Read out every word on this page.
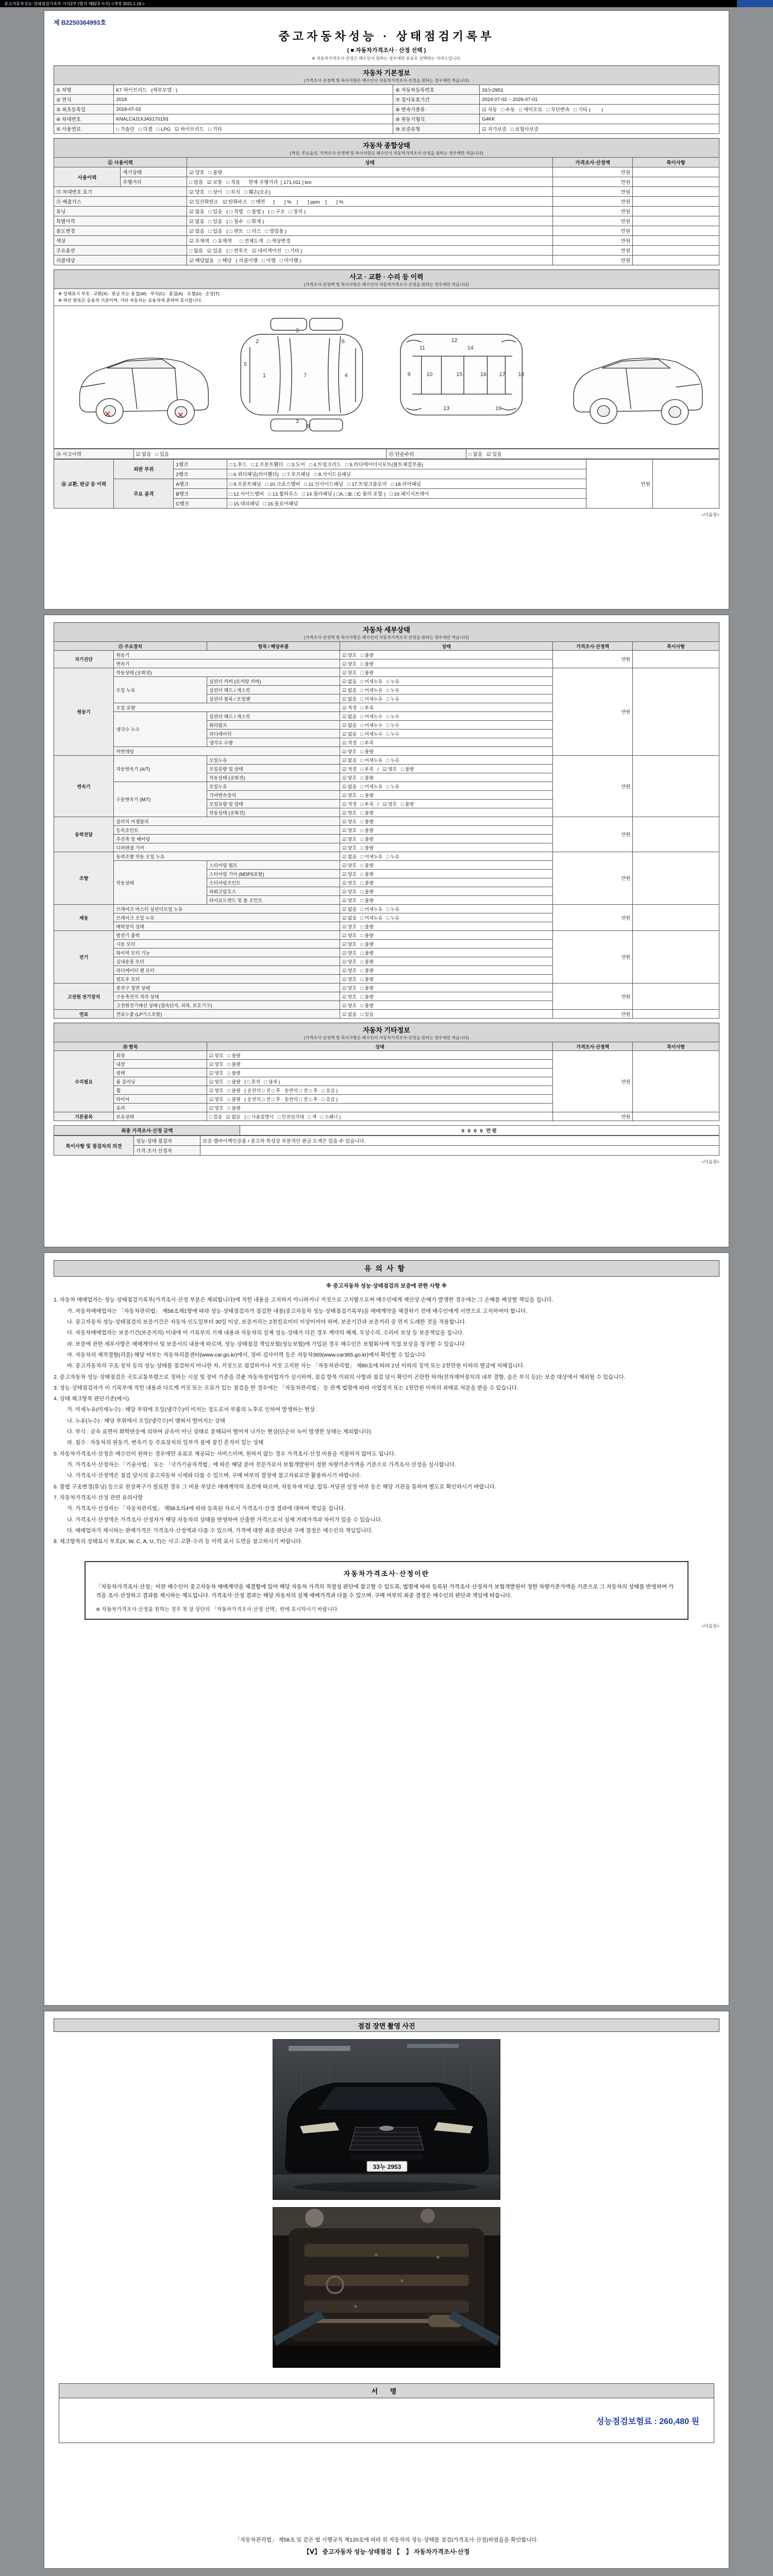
중고자동차성능·상태점검기록부 서식2부 (별지 제82호서식) <개정 2021.1.19.>
제 B2250364993호
중고자동차성능 · 상태점검기록부
( ■ 자동차가격조사 · 산정 선택 )
※ 자동차가격조사·산정은 매수인이 원하는 경우에만 유료로 선택하는 서비스입니다.
자동차 기본정보
(가격조사·산정액 및 특이사항은 매수인이 자동차가격조사·산정을 원하는 경우에만 적습니다)
① 차명	K7 하이브리드   (세부모델 : )	⑥ 자동차등록번호	33누2953
② 연식	2018	⑦ 검사유효기간	2024-07-02 ~ 2026-07-01
③ 최초등록일	2018-07-02	⑧ 변속기종류	☑ 자동   □ 수동   □ 세미오토   □ 무단변속   □ 기타 (        )
④ 차대번호	KNALC4J1XJA5170193	⑨ 원동기형식	G4KK
⑤ 사용연료	□ 가솔린   □ 디젤   □ LPG   ☑ 하이브리드   □ 기타	⑩ 보증유형	☑ 자가보증   □ 보험사보증
자동차 종합상태
(색상, 주요옵션, 가격조사·산정액 및 특이사항은 매수인이 자동차가격조사·산정을 원하는 경우에만 적습니다)
⑪ 사용이력		상태	가격조사·산정액	특이사항
사용이력	계기상태	☑ 양호   □ 불량	만원	
	주행거리	□ 많음   ☑ 보통   □ 적음      현재 주행거리  [ 171,011 ] km	만원	
⑫ 차대번호 표기		☑ 양호   □ 상이   □ 부식   □ 훼손(오손)	만원	
⑬ 배출가스		☑ 일산화탄소   ☑ 탄화수소   □ 매연      [       ] %    [       ] ppm    [       ] %	만원	
튜닝		☑ 없음   □ 있음   ( □ 적법   □ 불법 )   ( □ 구조   □ 장치 )	만원	
특별이력		☑ 없음   □ 있음   ( □ 침수   □ 화재 )	만원	
용도변경		☑ 없음   □ 있음   ( □ 렌트   □ 리스   □ 영업용 )	만원	
색상		☑ 무채색   □ 유채색      □ 전체도색   □ 색상변경	만원	
주요옵션		□ 없음   ☑ 있음   ( □ 썬루프   ☑ 네비게이션   □ 기타 )	만원	
리콜대상		☑ 해당없음   □ 해당   ( 리콜이행 : □ 이행   □ 미이행 )	만원	
사고 · 교환 · 수리 등 이력
(가격조사·산정액 및 특이사항은 매수인이 자동차가격조사·산정을 원하는 경우에만 적습니다)
※ 상태표시 부호 : 교환(X) · 판금 또는 용접(W) · 부식(C) · 흠집(A) · 요철(U) · 손상(T)
※ 하단 항목은 승용차 기준이며, 기타 자동차는 승용차에 준하여 표시합니다.
1
2
3
3
4
5
6
7
8
9	10
11
12
13
14
15	16 17 18
19
✕	✕
⑭ 사고이력	☑ 없음   □ 있음	⑮ 단순수리	□ 없음   ☑ 있음
⑯ 교환, 판금 등 이력	외판 부위	1랭크	□ 1.후드   □ 2.프론트휀더   □ 3.도어   □ 4.트렁크리드   □ 5.라디에이터서포트(볼트체결부품)	만원	
		2랭크	□ 6.쿼터패널(리어휀더)   □ 7.루프패널   □ 8.사이드실패널		
	주요 골격	A랭크	□ 9.프론트패널   □ 10.크로스멤버   □ 11.인사이드패널   □ 17.트렁크플로어   □ 18.리어패널		
		B랭크	□ 12.사이드멤버   □ 13.휠하우스   □ 14.필러패널 ( □A, □B, □C 필러 포함 )   □ 19.패키지트레이		
		C랭크	□ 15.대쉬패널   □ 16.플로어패널		
<다음장>
자동차 세부상태
(가격조사·산정액 및 특이사항은 매수인이 자동차가격조사·산정을 원하는 경우에만 적습니다)
⑰ 주요장치		항목 / 해당부품	상태	가격조사·산정액	특이사항
자기진단	원동기		☑ 양호   □ 불량	만원	
	변속기		☑ 양호   □ 불량		
원동기	작동상태 (공회전)		☑ 양호   □ 불량	만원	
	오일 누유	실린더 커버 (로커암 커버)	☑ 없음   □ 미세누유   □ 누유		
		실린더 헤드 / 개스킷	☑ 없음   □ 미세누유   □ 누유		
		실린더 블록 / 오일팬	☑ 없음   □ 미세누유   □ 누유		
	오일 유량		☑ 적정   □ 부족		
	냉각수 누수	실린더 헤드 / 개스킷	☑ 없음   □ 미세누수   □ 누수		
		워터펌프	☑ 없음   □ 미세누수   □ 누수		
		라디에이터	☑ 없음   □ 미세누수   □ 누수		
		냉각수 수량	☑ 적정   □ 부족		
	커먼레일		☑ 양호   □ 불량		
변속기	자동변속기 (A/T)	오일누유	☑ 없음   □ 미세누유   □ 누유	만원	
		오일유량 및 상태	☑ 적정   □ 부족   /   ☑ 양호   □ 불량		
		작동상태 (공회전)	☑ 양호   □ 불량		
	수동변속기 (M/T)	오일누유	☑ 없음   □ 미세누유   □ 누유		
		기어변속장치	☑ 양호   □ 불량		
		오일유량 및 상태	☑ 적정   □ 부족   /   ☑ 양호   □ 불량		
		작동상태 (공회전)	☑ 양호   □ 불량		
동력전달	클러치 어셈블리		☑ 양호   □ 불량	만원	
	등속조인트		☑ 양호   □ 불량		
	추진축 및 베어링		☑ 양호   □ 불량		
	디퍼렌셜 기어		☑ 양호   □ 불량		
조향	동력조향 작동 오일 누유		☑ 없음   □ 미세누유   □ 누유	만원	
	작동상태	스티어링 펌프	☑ 양호   □ 불량		
		스티어링 기어 (MDPS포함)	☑ 양호   □ 불량		
		스티어링조인트	☑ 양호   □ 불량		
		파워고압호스	☑ 양호   □ 불량		
		타이로드엔드 및 볼 조인트	☑ 양호   □ 불량		
제동	브레이크 마스터 실린더오일 누유		☑ 없음   □ 미세누유   □ 누유	만원	
	브레이크 오일 누유		☑ 없음   □ 미세누유   □ 누유		
	배력장치 상태		☑ 양호   □ 불량		
전기	발전기 출력		☑ 양호   □ 불량	만원	
	시동 모터		☑ 양호   □ 불량		
	와이퍼 모터 기능		☑ 양호   □ 불량		
	실내송풍 모터		☑ 양호   □ 불량		
	라디에이터 팬 모터		☑ 양호   □ 불량		
	윈도우 모터		☑ 양호   □ 불량		
고전원 전기장치	충전구 절연 상태		☑ 양호   □ 불량	만원	
	구동축전지 격리 상태		☑ 양호   □ 불량		
	고전원전기배선 상태 (접속단자, 피복, 보호기구)		☑ 양호   □ 불량		
연료	연료누출 (LP가스포함)		☑ 없음   □ 있음	만원	
자동차 기타정보
(가격조사·산정액 및 특이사항은 매수인이 자동차가격조사·산정을 원하는 경우에만 적습니다)
⑱ 항목		상태	가격조사·산정액	특이사항
수리필요	외장	☑ 양호   □ 불량	만원	
	내장	☑ 양호   □ 불량		
	광택	☑ 양호   □ 불량		
	룸 클리닝	☑ 양호   □ 불량   ( □ 흔적   □ 냄새 )		
	휠	☑ 양호   □ 불량   ( 운전석 □ 전 □ 후 · 동반석 □ 전 □ 후 · □ 응급 )		
	타이어	☑ 양호   □ 불량   ( 운전석 □ 전 □ 후 · 동반석 □ 전 □ 후 · □ 응급 )		
	유리	☑ 양호   □ 불량		
기본품목	보유상태	□ 있음   ☑ 없음   ( □ 사용설명서   □ 안전삼각대   □ 잭   □ 스패너 )	만원	
최종 가격조사·산정 금액	0 0 0 0 만원
특이사항 및 점검자의 의견	성능·상태 점검자	보증 캠바이백인증품 / 중고차 특성상 부분적인 판금 도색은 있을 수 있습니다.
	가격·조사 산정자	
<다음장>
유의사항
※ 중고자동차 성능·상태점검의 보증에 관한 사항 ※
1. 자동차 매매업자는 성능·상태점검기록부(가격조사·산정 부분은 제외합니다)에 적힌 내용을 고지하지 아니하거나 거짓으로 고지함으로써 매수인에게 재산상 손해가 발생한 경우에는 그 손해를 배상할 책임을 집니다.
가. 자동차매매업자는 「자동차관리법」 제58조제1항에 따라 성능·상태점검자가 점검한 내용(중고자동차 성능·상태점검기록부)을 매매계약을 체결하기 전에 매수인에게 서면으로 고지하여야 합니다.
나. 중고자동차 성능·상태점검의 보증기간은 자동차 인도일부터 30일 이상, 보증거리는 2천킬로미터 이상이어야 하며, 보증기간과 보증거리 중 먼저 도래한 것을 적용합니다.
다. 자동차매매업자는 보증기간(보증거리) 이내에 이 기록부의 기재 내용과 자동차의 실제 성능·상태가 다른 경우 계약의 해제, 무상수리, 수리비 보상 등 보증책임을 집니다.
라. 보증에 관한 세부사항은 매매계약서 및 보증서의 내용에 따르며, 성능·상태점검 책임보험(성능보험)에 가입된 경우 매수인은 보험회사에 직접 보상을 청구할 수 있습니다.
마. 자동차의 제작결함(리콜) 해당 여부는 자동차리콜센터(www.car.go.kr)에서, 정비·검사이력 등은 자동차365(www.car365.go.kr)에서 확인할 수 있습니다.
바. 중고자동차의 구조·장치 등의 성능·상태를 점검하지 아니한 자, 거짓으로 점검하거나 거짓 고지한 자는 「자동차관리법」 제80조에 따라 2년 이하의 징역 또는 2천만원 이하의 벌금에 처해집니다.
2. 중고자동차 성능·상태점검은 국토교통부령으로 정하는 시설 및 장비 기준을 갖춘 자동차정비업자가 실시하며, 점검 항목 이외의 사항과 점검 당시 확인이 곤란한 하자(전자제어장치의 내부 결함, 숨은 부식 등)는 보증 대상에서 제외될 수 있습니다.
3. 성능·상태점검자가 이 기록부에 적힌 내용과 다르게 거짓 또는 오류가 있는 점검을 한 경우에는 「자동차관리법」 등 관계 법령에 따라 사업정지 또는 1천만원 이하의 과태료 처분을 받을 수 있습니다.
4. 상태 체크항목 판단기준(예시)
가. 미세누유(미세누수) : 해당 부위에 오일(냉각수)이 비치는 정도로서 부품의 노후로 인하여 발생하는 현상
나. 누유(누수) : 해당 부위에서 오일(냉각수)이 맺혀서 떨어지는 상태
다. 부식 : 금속 표면이 화학반응에 의하여 금속이 아닌 상태로 분해되어 떨어져 나가는 현상(단순히 녹이 발생한 상태는 제외합니다)
라. 침수 : 자동차의 원동기, 변속기 등 주요장치의 일부가 물에 잠긴 흔적이 있는 상태
5. 자동차가격조사·산정은 매수인이 원하는 경우에만 유료로 제공되는 서비스이며, 원하지 않는 경우 가격조사·산정 비용을 지불하지 않아도 됩니다.
가. 가격조사·산정자는 「기술사법」 또는 「국가기술자격법」에 따른 해당 분야 전문가로서 보험개발원이 정한 차량기준가액을 기준으로 가격조사·산정을 실시합니다.
나. 가격조사·산정액은 점검 당시의 중고자동차 시세와 다를 수 있으며, 구매 여부의 결정에 참고자료로만 활용하시기 바랍니다.
6. 불법 구조변경(튜닝) 등으로 원상복구가 필요한 경우 그 비용 부담은 매매계약의 조건에 따르며, 자동차세 미납, 압류·저당권 설정 여부 등은 해당 기관을 통하여 별도로 확인하시기 바랍니다.
7. 자동차가격조사·산정 관련 유의사항
가. 가격조사·산정자는 「자동차관리법」 제58조의4에 따라 등록된 자로서 가격조사·산정 결과에 대하여 책임을 집니다.
나. 가격조사·산정액은 가격조사·산정자가 해당 자동차의 상태를 반영하여 산출한 가격으로서 실제 거래가격과 차이가 있을 수 있습니다.
다. 매매업자가 제시하는 판매가격은 가격조사·산정액과 다를 수 있으며, 가격에 대한 최종 판단과 구매 결정은 매수인의 책임입니다.
8. 체크항목의 상태표시 부호(X, W, C, A, U, T)는 사고·교환·수리 등 이력 표시 도면을 참고하시기 바랍니다.
자동차가격조사·산정이란
「자동차가격조사·산정」이란 매수인이 중고자동차 매매계약을 체결함에 있어 해당 자동차 가격의 적절성 판단에 참고할 수 있도록, 법령에 따라 등록된 가격조사·산정자가 보험개발원이 정한 차량기준가액을 기준으로 그 자동차의 상태를 반영하여 가격을 조사·산정하고 결과를 제시하는 제도입니다. 가격조사·산정 결과는 해당 자동차의 실제 매매가격과 다를 수 있으며, 구매 여부의 최종 결정은 매수인의 판단과 책임에 따릅니다.
※ 자동차가격조사·산정을 원하는 경우 첫 장 상단의 「자동차가격조사·산정 선택」란에 표시하시기 바랍니다.
<다음장>
점검 장면 촬영 사진
33누 2953
서 명
성능점검보험료 : 260,480 원
「자동차관리법」 제58조 및 같은 법 시행규칙 제120조에 따라 위 자동차의 성능·상태를 점검(가격조사·산정)하였음을 확인합니다.
【Ⅴ】 중고자동차 성능·상태점검 【　】 자동차가격조사·산정
